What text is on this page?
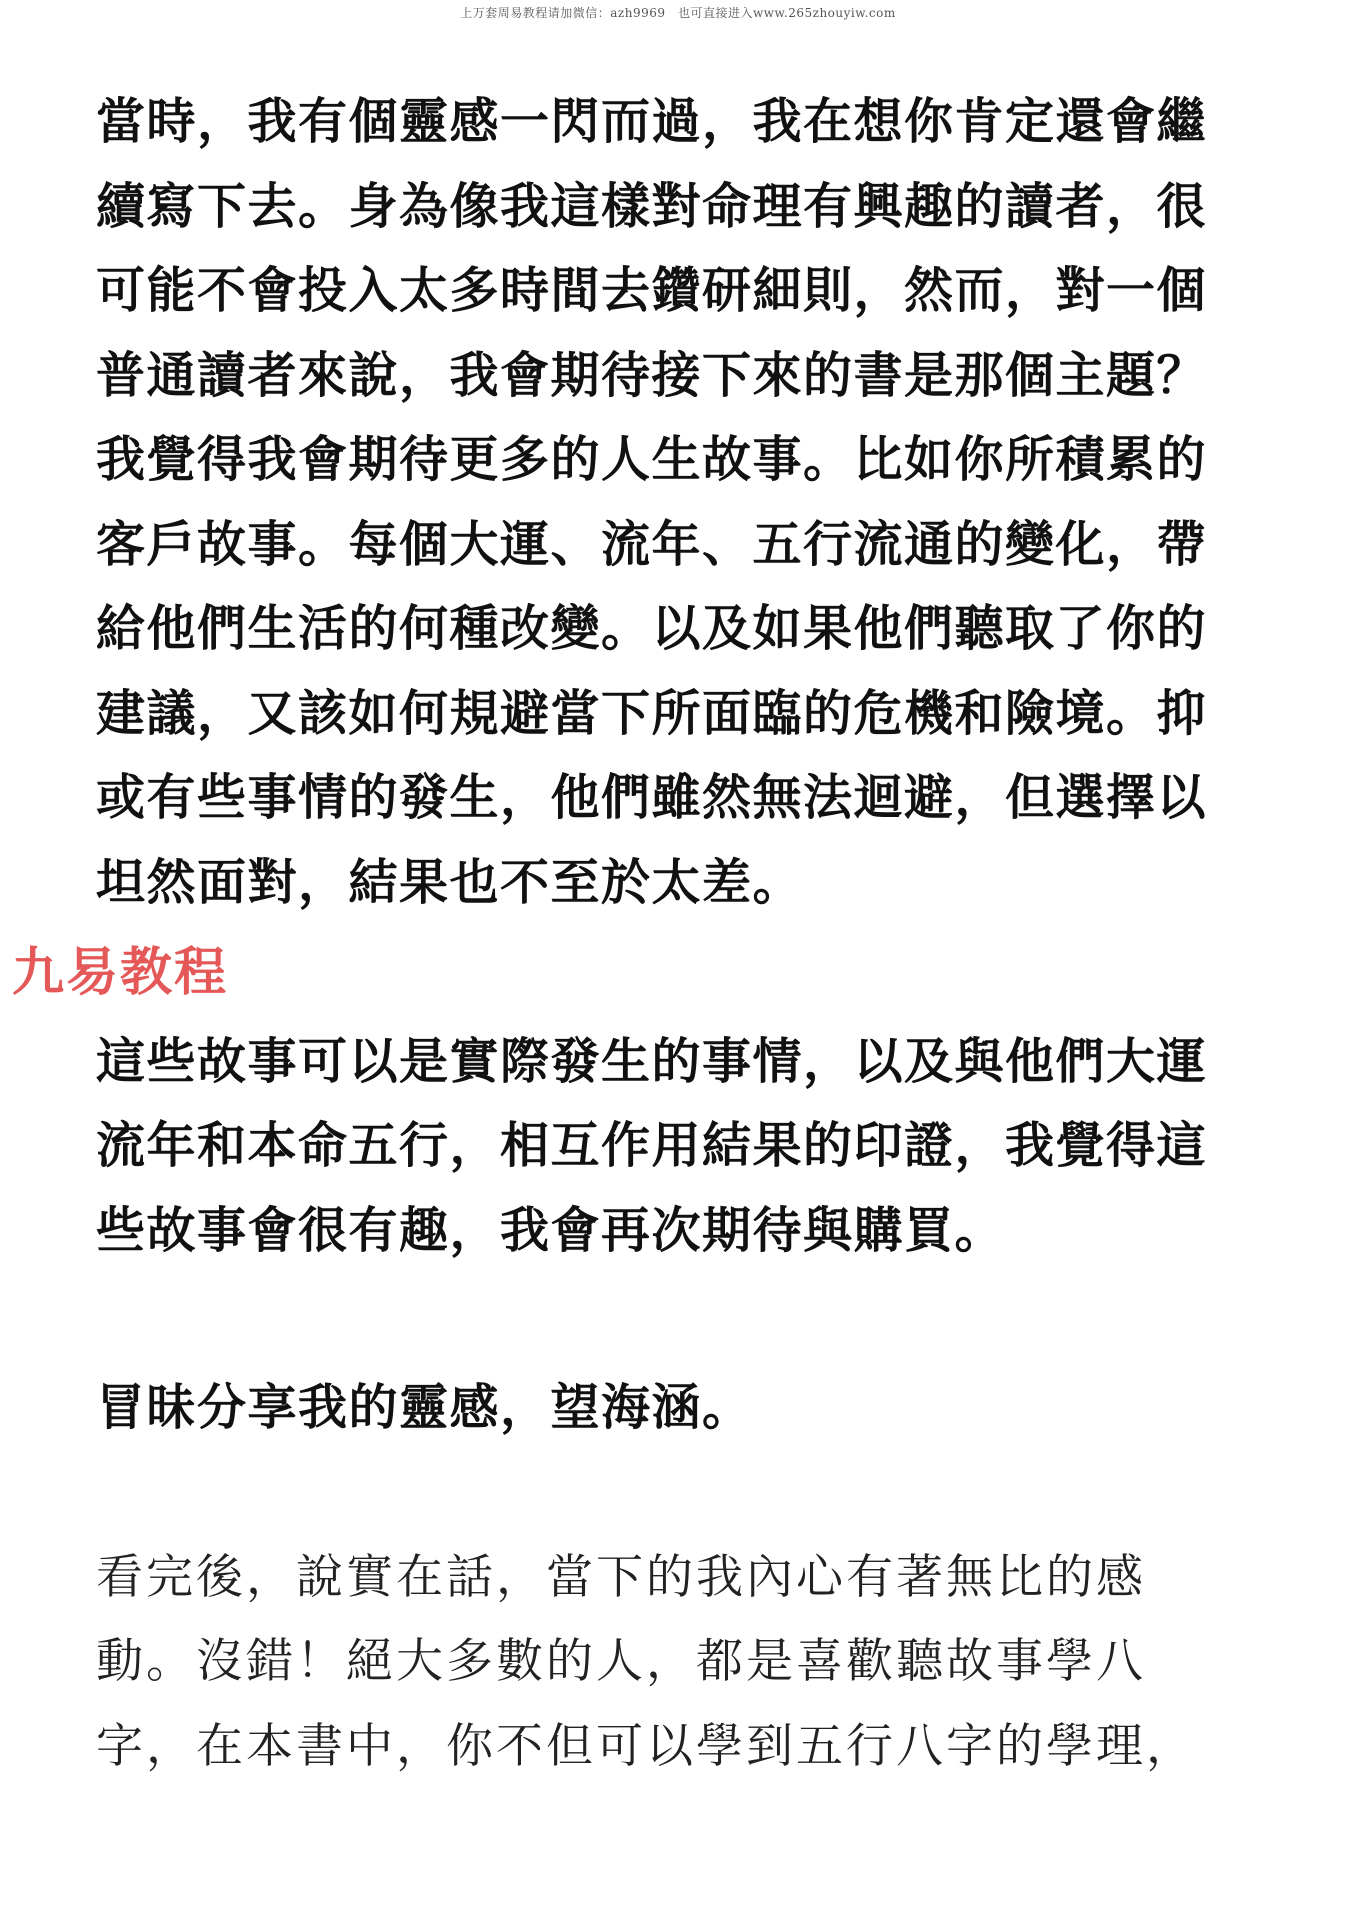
上万套周易教程请加微信：azh9969　也可直接进入www.265zhouyiw.com
當時，我有個靈感一閃而過，我在想你肯定還會繼
續寫下去。身為像我這樣對命理有興趣的讀者，很
可能不會投入太多時間去鑽研細則，然而，對一個
普通讀者來說，我會期待接下來的書是那個主題？
我覺得我會期待更多的人生故事。比如你所積累的
客戶故事。每個大運、流年、五行流通的變化，帶
給他們生活的何種改變。以及如果他們聽取了你的
建議，又該如何規避當下所面臨的危機和險境。抑
或有些事情的發生，他們雖然無法迴避，但選擇以
坦然面對，結果也不至於太差。
九易教程
這些故事可以是實際發生的事情，以及與他們大運
流年和本命五行，相互作用結果的印證，我覺得這
些故事會很有趣，我會再次期待與購買。
冒昧分享我的靈感，望海涵。
看完後，說實在話，當下的我內心有著無比的感
動。沒錯！絕大多數的人，都是喜歡聽故事學八
字，在本書中，你不但可以學到五行八字的學理，
